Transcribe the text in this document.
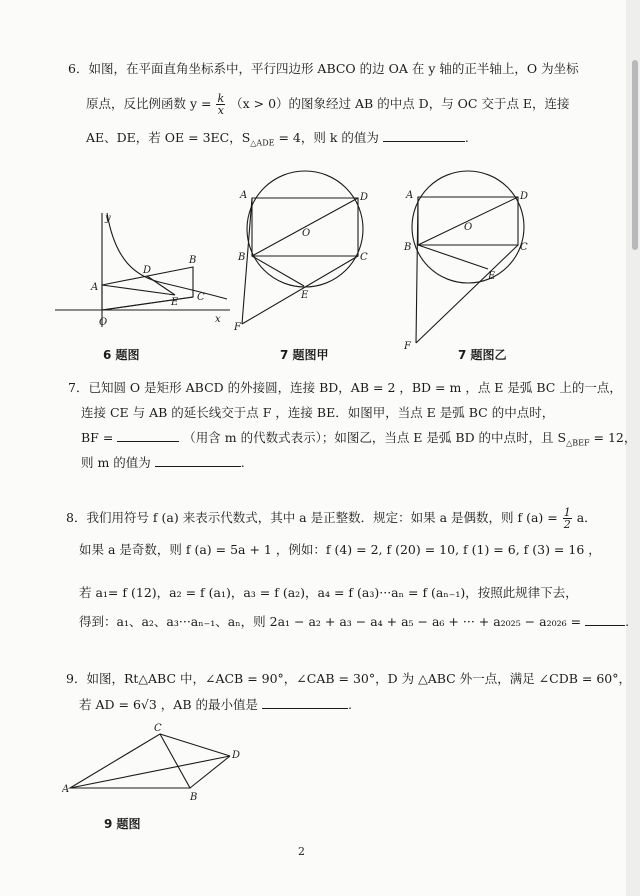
6．如图，在平面直角坐标系中，平行四边形 ABCO 的边 OA 在 y 轴的正半轴上，O 为坐标
原点，反比例函数 $y = \frac{k}{x} (x > 0)$的图象经过 AB 的中点 D，与 OC 交于点 E，连接
AE、DE，若 OE = 3EC，$S_{\triangle ADE} = 4$，则 k 的值为	.
y
x
O
A
B
C
D
E
6 题图
A
B	C
D
E
F
O
7 题图甲
A
B	C
D
E
F
O
7 题图乙
7．已知圆 O 是矩形 ABCD 的外接圆，连接 BD，AB = 2 ，BD = m ，点 E 是弧 BC 上的一点，
连接 CE 与 AB 的延长线交于点 F ，连接 BE．如图甲，当点 E 是弧 BC 的中点时，
BF =	（用含 m 的代数式表示）；如图乙，当点 E 是弧 BD 的中点时，且 $S_{\triangle BEF} = 12$，
则 m 的值为	.
8．我们用符号 f (a) 来表示代数式，其中 a 是正整数．规定：如果 a 是偶数，则 f $(a) = \frac{1}{2}$ a．
如果 a 是奇数，则 f (a) = 5a + 1 ，例如：f (4) = 2, f (20) = 10, f (1) = 6, f (3) = 16 ，
若 a₁= f (12)，a₂ = f (a₁)，a₃ = f (a₂)，a₄ = f (a₃)···aₙ = f (aₙ₋₁)，按照此规律下去，
得到：a₁、a₂、a₃···aₙ₋₁、aₙ，则 2a₁ − a₂ + a₃ − a₄ + a₅ − a₆ + ··· + a₂₀₂₅ − a₂₀₂₆ =	.
9．如图，Rt△ABC 中，∠ACB = 90°，∠CAB = 30°，D 为 △ABC 外一点，满足 ∠CDB = 60°，
若 AD = 6√3 ，AB 的最小值是	.
A
B
C
D
9 题图
2
